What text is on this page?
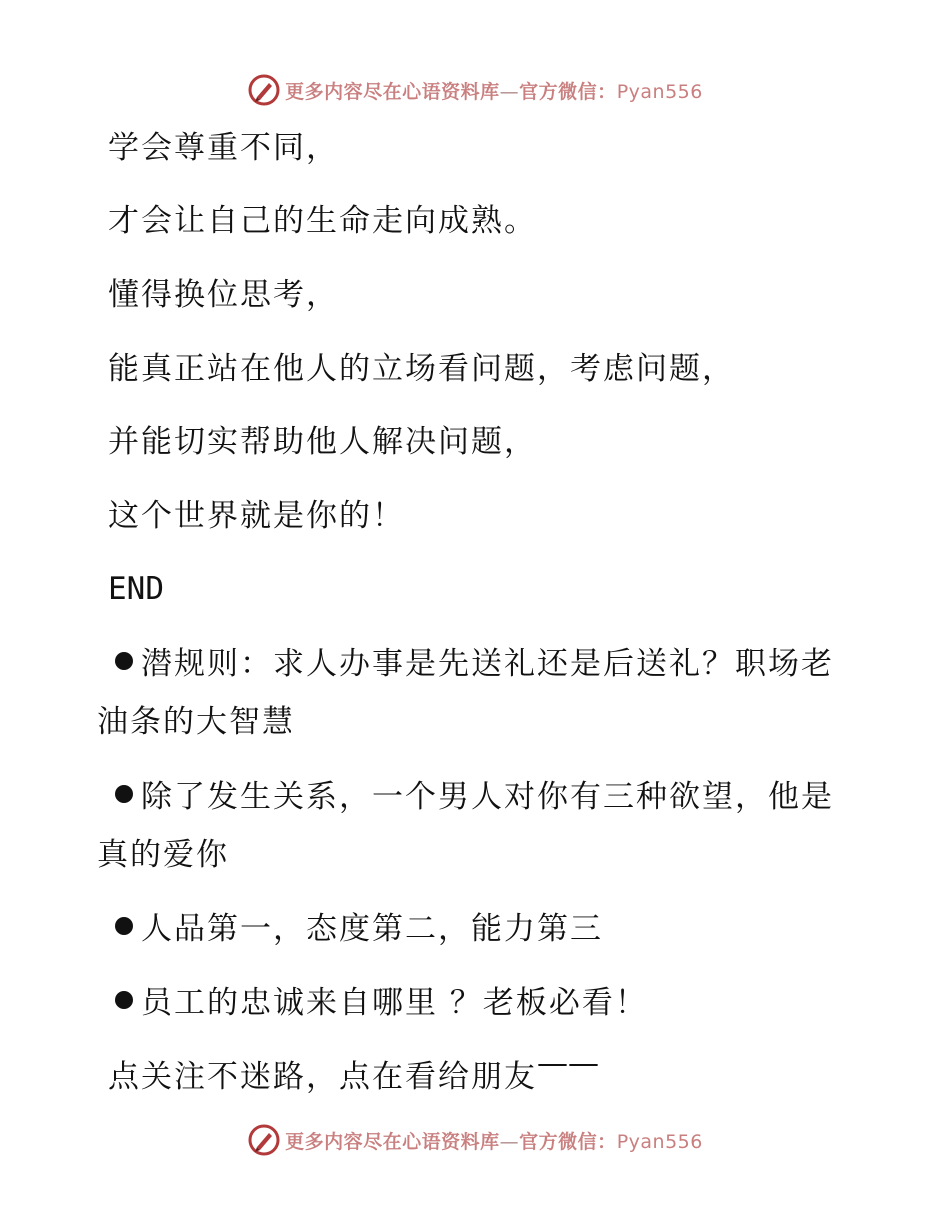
更多内容尽在心语资料库—官方微信：Pyan556
学会尊重不同，
才会让自己的生命走向成熟。
懂得换位思考，
能真正站在他人的立场看问题，考虑问题，
并能切实帮助他人解决问题，
这个世界就是你的！
END
潜规则：求人办事是先送礼还是后送礼？职场老油条的大智慧
除了发生关系，一个男人对你有三种欲望，他是真的爱你
人品第一，态度第二，能力第三
员工的忠诚来自哪里 ？老板必看！
点关注不迷路，点在看给朋友——
更多内容尽在心语资料库—官方微信：Pyan556
